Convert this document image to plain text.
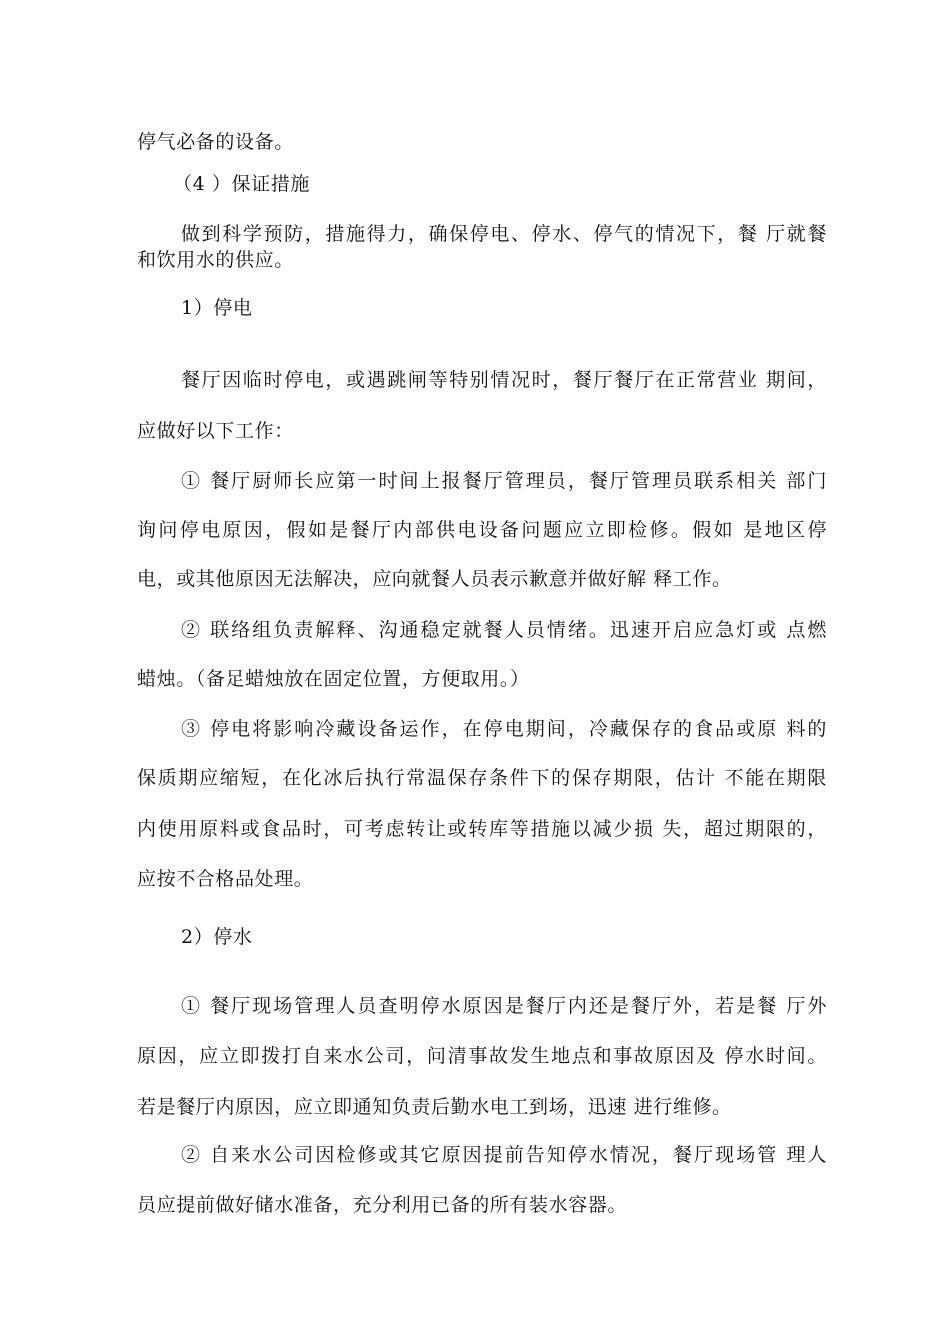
停气必备的设备。
（4 ）保证措施
做到科学预防，措施得力，确保停电、停水、停气的情况下，餐 厅就餐
和饮用水的供应。
1）停电
餐厅因临时停电，或遇跳闸等特别情况时，餐厅餐厅在正常营业 期间，
应做好以下工作：
① 餐厅厨师长应第一时间上报餐厅管理员，餐厅管理员联系相关 部门
询问停电原因，假如是餐厅内部供电设备问题应立即检修。假如 是地区停
电，或其他原因无法解决，应向就餐人员表示歉意并做好解 释工作。
② 联络组负责解释、沟通稳定就餐人员情绪。迅速开启应急灯或 点燃
蜡烛。（备足蜡烛放在固定位置，方便取用。）
③ 停电将影响冷藏设备运作，在停电期间，冷藏保存的食品或原 料的
保质期应缩短，在化冰后执行常温保存条件下的保存期限，估计 不能在期限
内使用原料或食品时，可考虑转让或转库等措施以减少损 失，超过期限的，
应按不合格品处理。
2）停水
① 餐厅现场管理人员查明停水原因是餐厅内还是餐厅外，若是餐 厅外
原因，应立即拨打自来水公司，问清事故发生地点和事故原因及 停水时间。
若是餐厅内原因，应立即通知负责后勤水电工到场，迅速 进行维修。
② 自来水公司因检修或其它原因提前告知停水情况，餐厅现场管 理人
员应提前做好储水准备，充分利用已备的所有装水容器。
